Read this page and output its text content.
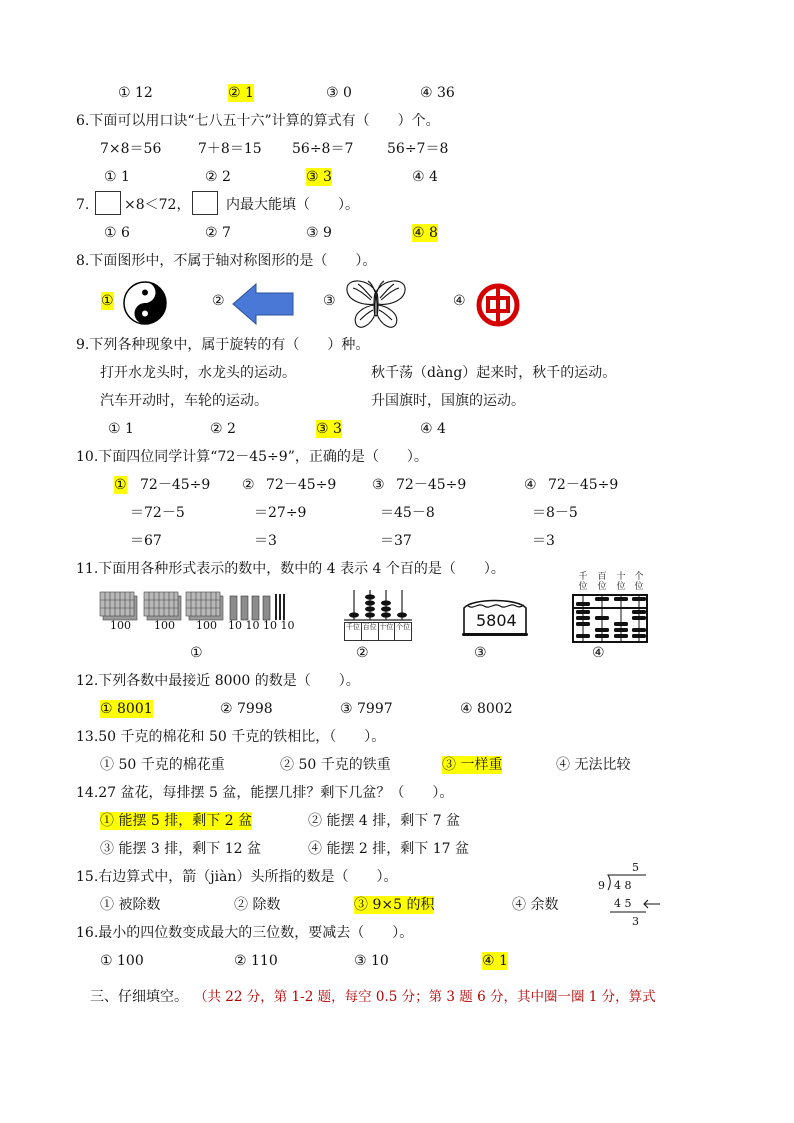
① 12	② 1	③ 0	④ 36
6.下面可以用口诀“七八五十六”计算的算式有（　　）个。
7×8＝56	7＋8＝15 56÷8＝7 56÷7＝8
① 1	② 2	③ 3	④ 4
7. ×8＜72，	内最大能填（　　）。
① 6	② 7	③ 9	④ 8
8.下面图形中，不属于轴对称图形的是（　　）。
①	②	③	④
9.下列各种现象中，属于旋转的有（　　）种。
打开水龙头时，水龙头的运动。	秋千荡（dàng）起来时，秋千的运动。
汽车开动时，车轮的运动。	升国旗时，国旗的运动。
① 1	② 2	③ 3	④ 4
10.下面四位同学计算“72－45÷9”，正确的是（　　）。
① 72－45÷9
＝72－5
＝67
② 72－45÷9
＝27÷9
＝3
③ 72－45÷9
＝45－8
＝37
④ 72－45÷9
＝8－5
＝3
11.下面用各种形式表示的数中，数中的 4 表示 4 个百的是（　　）。
100 100 100 10 10 10 10	千位 百位 十位 个位	5804
千位
百位
十位
个位
①	②	③	④
12.下列各数中最接近 8000 的数是（　　）。
① 8001	② 7998	③ 7997	④ 8002
13.50 千克的棉花和 50 千克的铁相比，（　　）。
① 50 千克的棉花重	② 50 千克的铁重	③ 一样重	④ 无法比较
14.27 盆花，每排摆 5 盆，能摆几排？剩下几盆？（　　）。
① 能摆 5 排，剩下 2 盆	② 能摆 4 排，剩下 7 盆
③ 能摆 3 排，剩下 12 盆	④ 能摆 2 排，剩下 17 盆
15.右边算式中，箭（jiàn）头所指的数是（　　）。
① 被除数	② 除数	③ 9×5 的积	④ 余数
5
9 4 8
4 5
3
16.最小的四位数变成最大的三位数，要减去（　　）。
① 100	② 110	③ 10	④ 1
三、仔细填空。 （共 22 分，第 1-2 题，每空 0.5 分；第 3 题 6 分，其中圈一圈 1 分，算式
